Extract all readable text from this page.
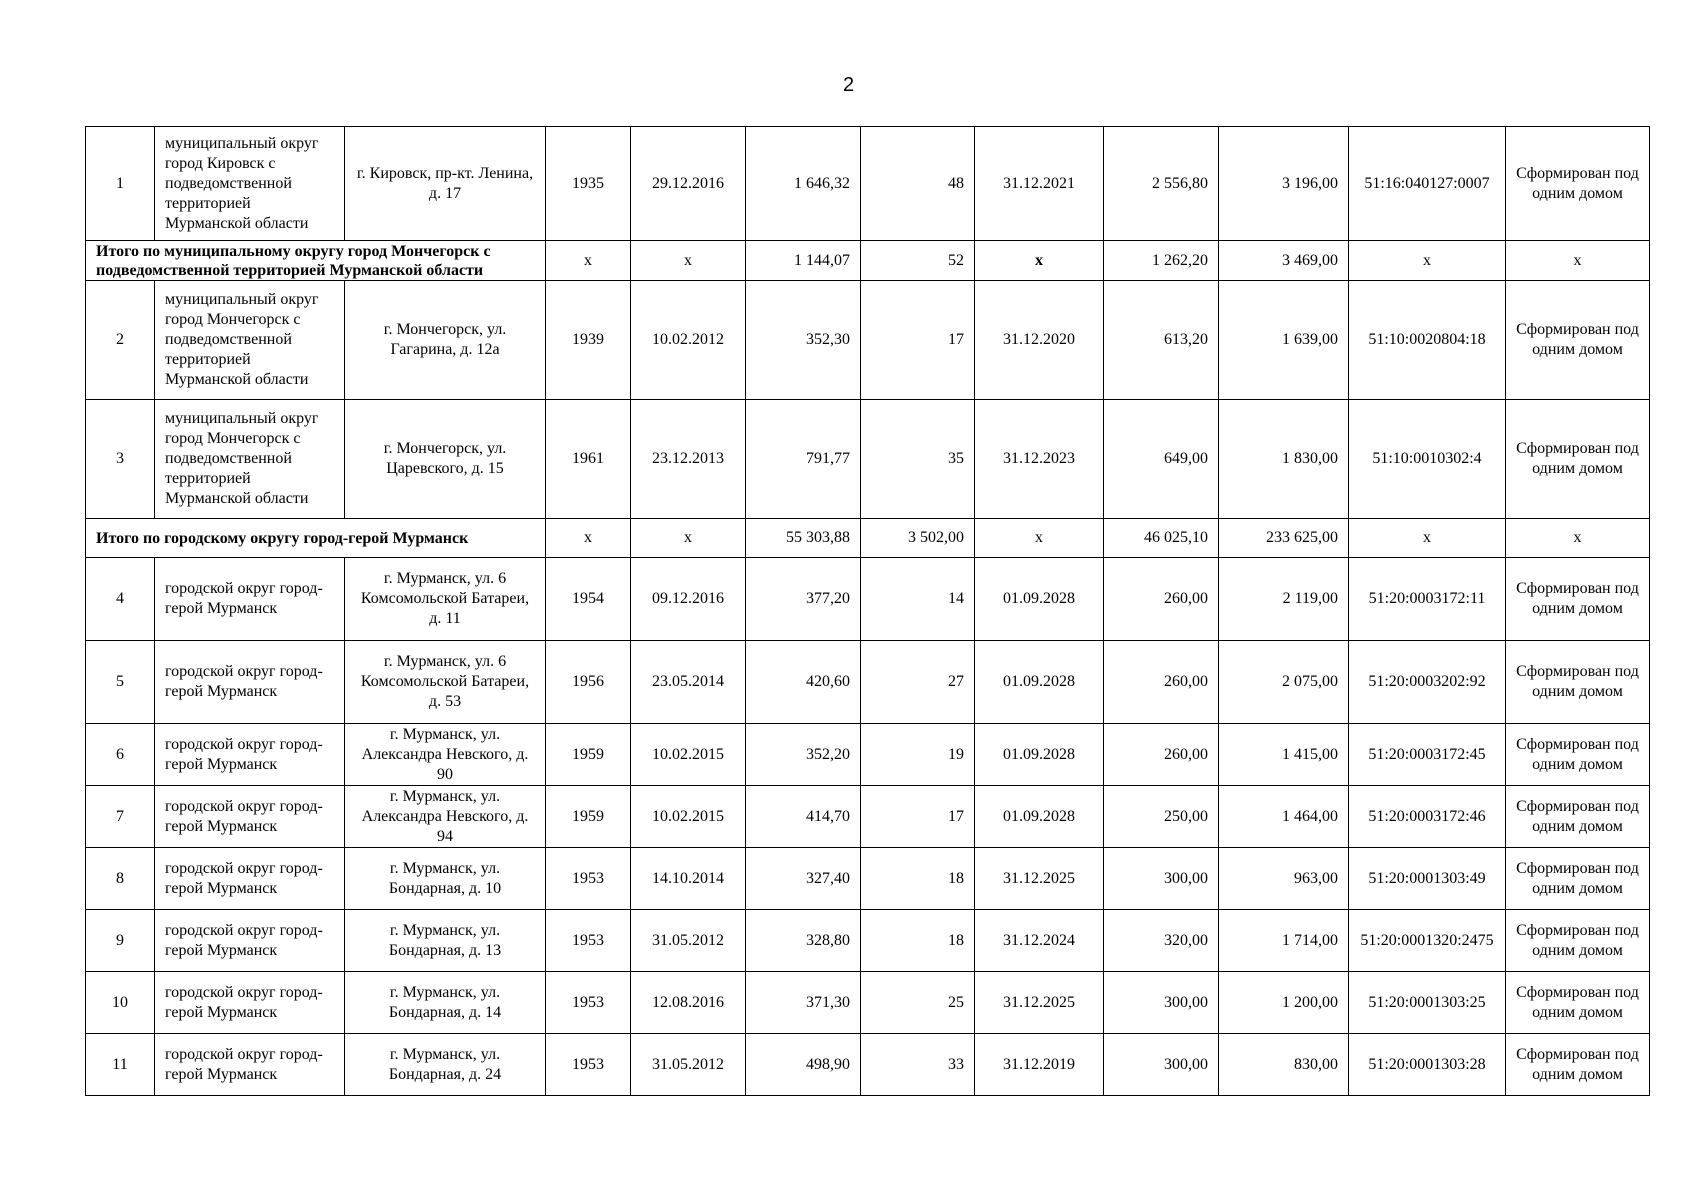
2
1	муниципальный округ город Кировск с подведомственной территорией Мурманской области	г. Кировск, пр-кт. Ленина, д. 17	1935	29.12.2016	1 646,32	48	31.12.2021	2 556,80	3 196,00	51:16:040127:0007	Сформирован под одним домом
Итого по муниципальному округу город Мончегорск с подведомственной территорией Мурманской области			x	x	1 144,07	52	x	1 262,20	3 469,00	x	x
2	муниципальный округ город Мончегорск с подведомственной территорией Мурманской области	г. Мончегорск, ул. Гагарина, д. 12а	1939	10.02.2012	352,30	17	31.12.2020	613,20	1 639,00	51:10:0020804:18	Сформирован под одним домом
3	муниципальный округ город Мончегорск с подведомственной территорией Мурманской области	г. Мончегорск, ул. Царевского, д. 15	1961	23.12.2013	791,77	35	31.12.2023	649,00	1 830,00	51:10:0010302:4	Сформирован под одним домом
Итого по городскому округу город-герой Мурманск			x	x	55 303,88	3 502,00	x	46 025,10	233 625,00	x	x
4	городской округ город-герой Мурманск	г. Мурманск, ул. 6 Комсомольской Батареи, д. 11	1954	09.12.2016	377,20	14	01.09.2028	260,00	2 119,00	51:20:0003172:11	Сформирован под одним домом
5	городской округ город-герой Мурманск	г. Мурманск, ул. 6 Комсомольской Батареи, д. 53	1956	23.05.2014	420,60	27	01.09.2028	260,00	2 075,00	51:20:0003202:92	Сформирован под одним домом
6	городской округ город-герой Мурманск	г. Мурманск, ул. Александра Невского, д. 90	1959	10.02.2015	352,20	19	01.09.2028	260,00	1 415,00	51:20:0003172:45	Сформирован под одним домом
7	городской округ город-герой Мурманск	г. Мурманск, ул. Александра Невского, д. 94	1959	10.02.2015	414,70	17	01.09.2028	250,00	1 464,00	51:20:0003172:46	Сформирован под одним домом
8	городской округ город-герой Мурманск	г. Мурманск, ул. Бондарная, д. 10	1953	14.10.2014	327,40	18	31.12.2025	300,00	963,00	51:20:0001303:49	Сформирован под одним домом
9	городской округ город-герой Мурманск	г. Мурманск, ул. Бондарная, д. 13	1953	31.05.2012	328,80	18	31.12.2024	320,00	1 714,00	51:20:0001320:2475	Сформирован под одним домом
10	городской округ город-герой Мурманск	г. Мурманск, ул. Бондарная, д. 14	1953	12.08.2016	371,30	25	31.12.2025	300,00	1 200,00	51:20:0001303:25	Сформирован под одним домом
11	городской округ город-герой Мурманск	г. Мурманск, ул. Бондарная, д. 24	1953	31.05.2012	498,90	33	31.12.2019	300,00	830,00	51:20:0001303:28	Сформирован под одним домом
